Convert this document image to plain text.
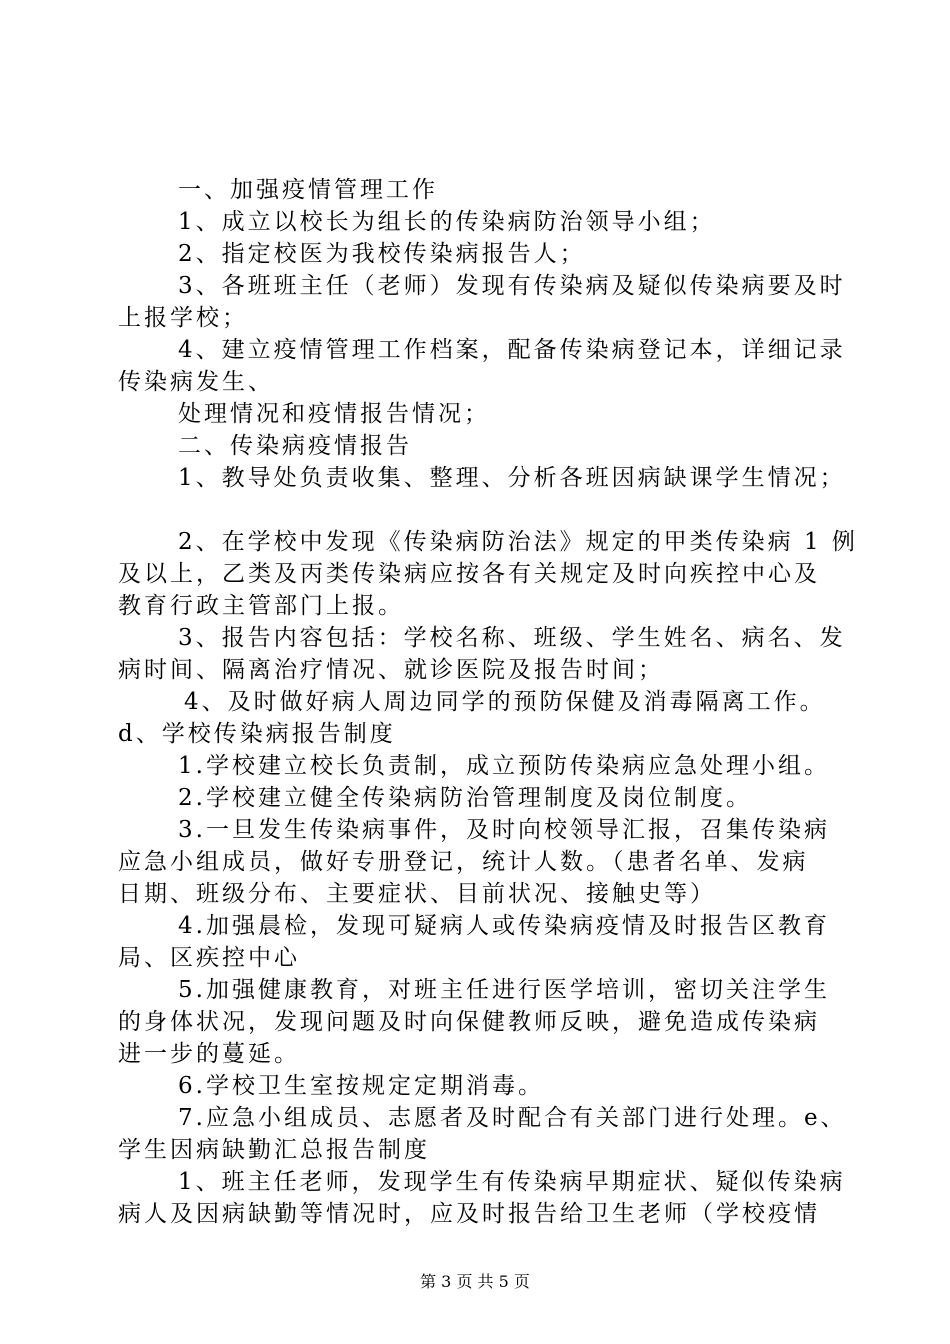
一、加强疫情管理工作
1、成立以校长为组长的传染病防治领导小组；
2、指定校医为我校传染病报告人；
3、各班班主任（老师）发现有传染病及疑似传染病要及时
上报学校；
4、建立疫情管理工作档案，配备传染病登记本，详细记录
传染病发生、
处理情况和疫情报告情况；
二、传染病疫情报告
1、教导处负责收集、整理、分析各班因病缺课学生情况；
2、在学校中发现《传染病防治法》规定的甲类传染病 1 例
及以上，乙类及丙类传染病应按各有关规定及时向疾控中心及
教育行政主管部门上报。
3、报告内容包括：学校名称、班级、学生姓名、病名、发
病时间、隔离治疗情况、就诊医院及报告时间；
4、及时做好病人周边同学的预防保健及消毒隔离工作。
d、学校传染病报告制度
1.学校建立校长负责制，成立预防传染病应急处理小组。
2.学校建立健全传染病防治管理制度及岗位制度。
3.一旦发生传染病事件，及时向校领导汇报，召集传染病
应急小组成员，做好专册登记，统计人数。（患者名单、发病
日期、班级分布、主要症状、目前状况、接触史等）
4.加强晨检，发现可疑病人或传染病疫情及时报告区教育
局、区疾控中心
5.加强健康教育，对班主任进行医学培训，密切关注学生
的身体状况，发现问题及时向保健教师反映，避免造成传染病
进一步的蔓延。
6.学校卫生室按规定定期消毒。
7.应急小组成员、志愿者及时配合有关部门进行处理。e、
学生因病缺勤汇总报告制度
1、班主任老师，发现学生有传染病早期症状、疑似传染病
病人及因病缺勤等情况时，应及时报告给卫生老师（学校疫情
第 3 页 共 5 页
